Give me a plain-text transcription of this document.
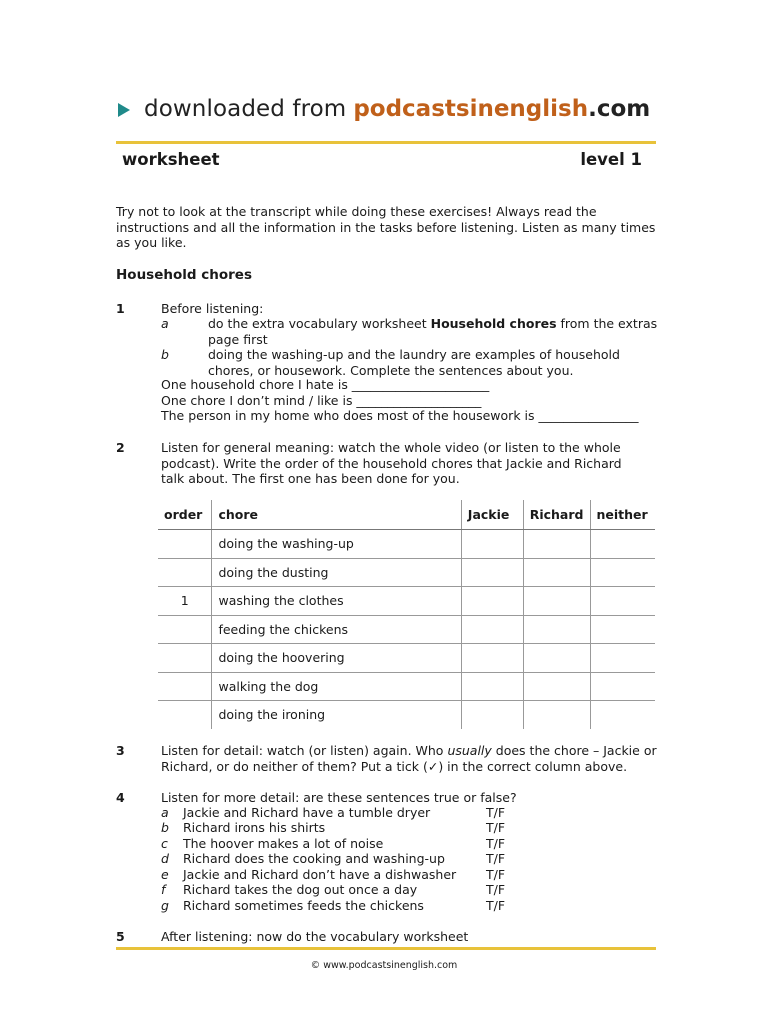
downloaded from podcasts inenglish .com
worksheet	level 1
Try not to look at the transcript while doing these exercises! Always read the instructions and all the information in the tasks before listening. Listen as many times as you like.
Household chores
1	Before listening:
a	do the extra vocabulary worksheet Household chores from the extras page first
b	doing the washing-up and the laundry are examples of household chores, or housework. Complete the sentences about you.
One household chore I hate is ______________________
One chore I don’t mind / like is ____________________
The person in my home who does most of the housework is ________________
2	Listen for general meaning: watch the whole video (or listen to the whole podcast). Write the order of the household chores that Jackie and Richard talk about. The first one has been done for you.
order	chore	Jackie	Richard	neither
	doing the washing-up			
	doing the dusting			
1	washing the clothes			
	feeding the chickens			
	doing the hoovering			
	walking the dog			
	doing the ironing			
3	Listen for detail: watch (or listen) again. Who usually does the chore – Jackie or Richard, or do neither of them? Put a tick (✓) in the correct column above.
4	Listen for more detail: are these sentences true or false?
a Jackie and Richard have a tumble dryer	T/F
b Richard irons his shirts	T/F
c The hoover makes a lot of noise	T/F
d Richard does the cooking and washing-up	T/F
e Jackie and Richard don’t have a dishwasher T/F
f Richard takes the dog out once a day	T/F
g Richard sometimes feeds the chickens	T/F
5	After listening: now do the vocabulary worksheet
© www.podcastsinenglish.com
